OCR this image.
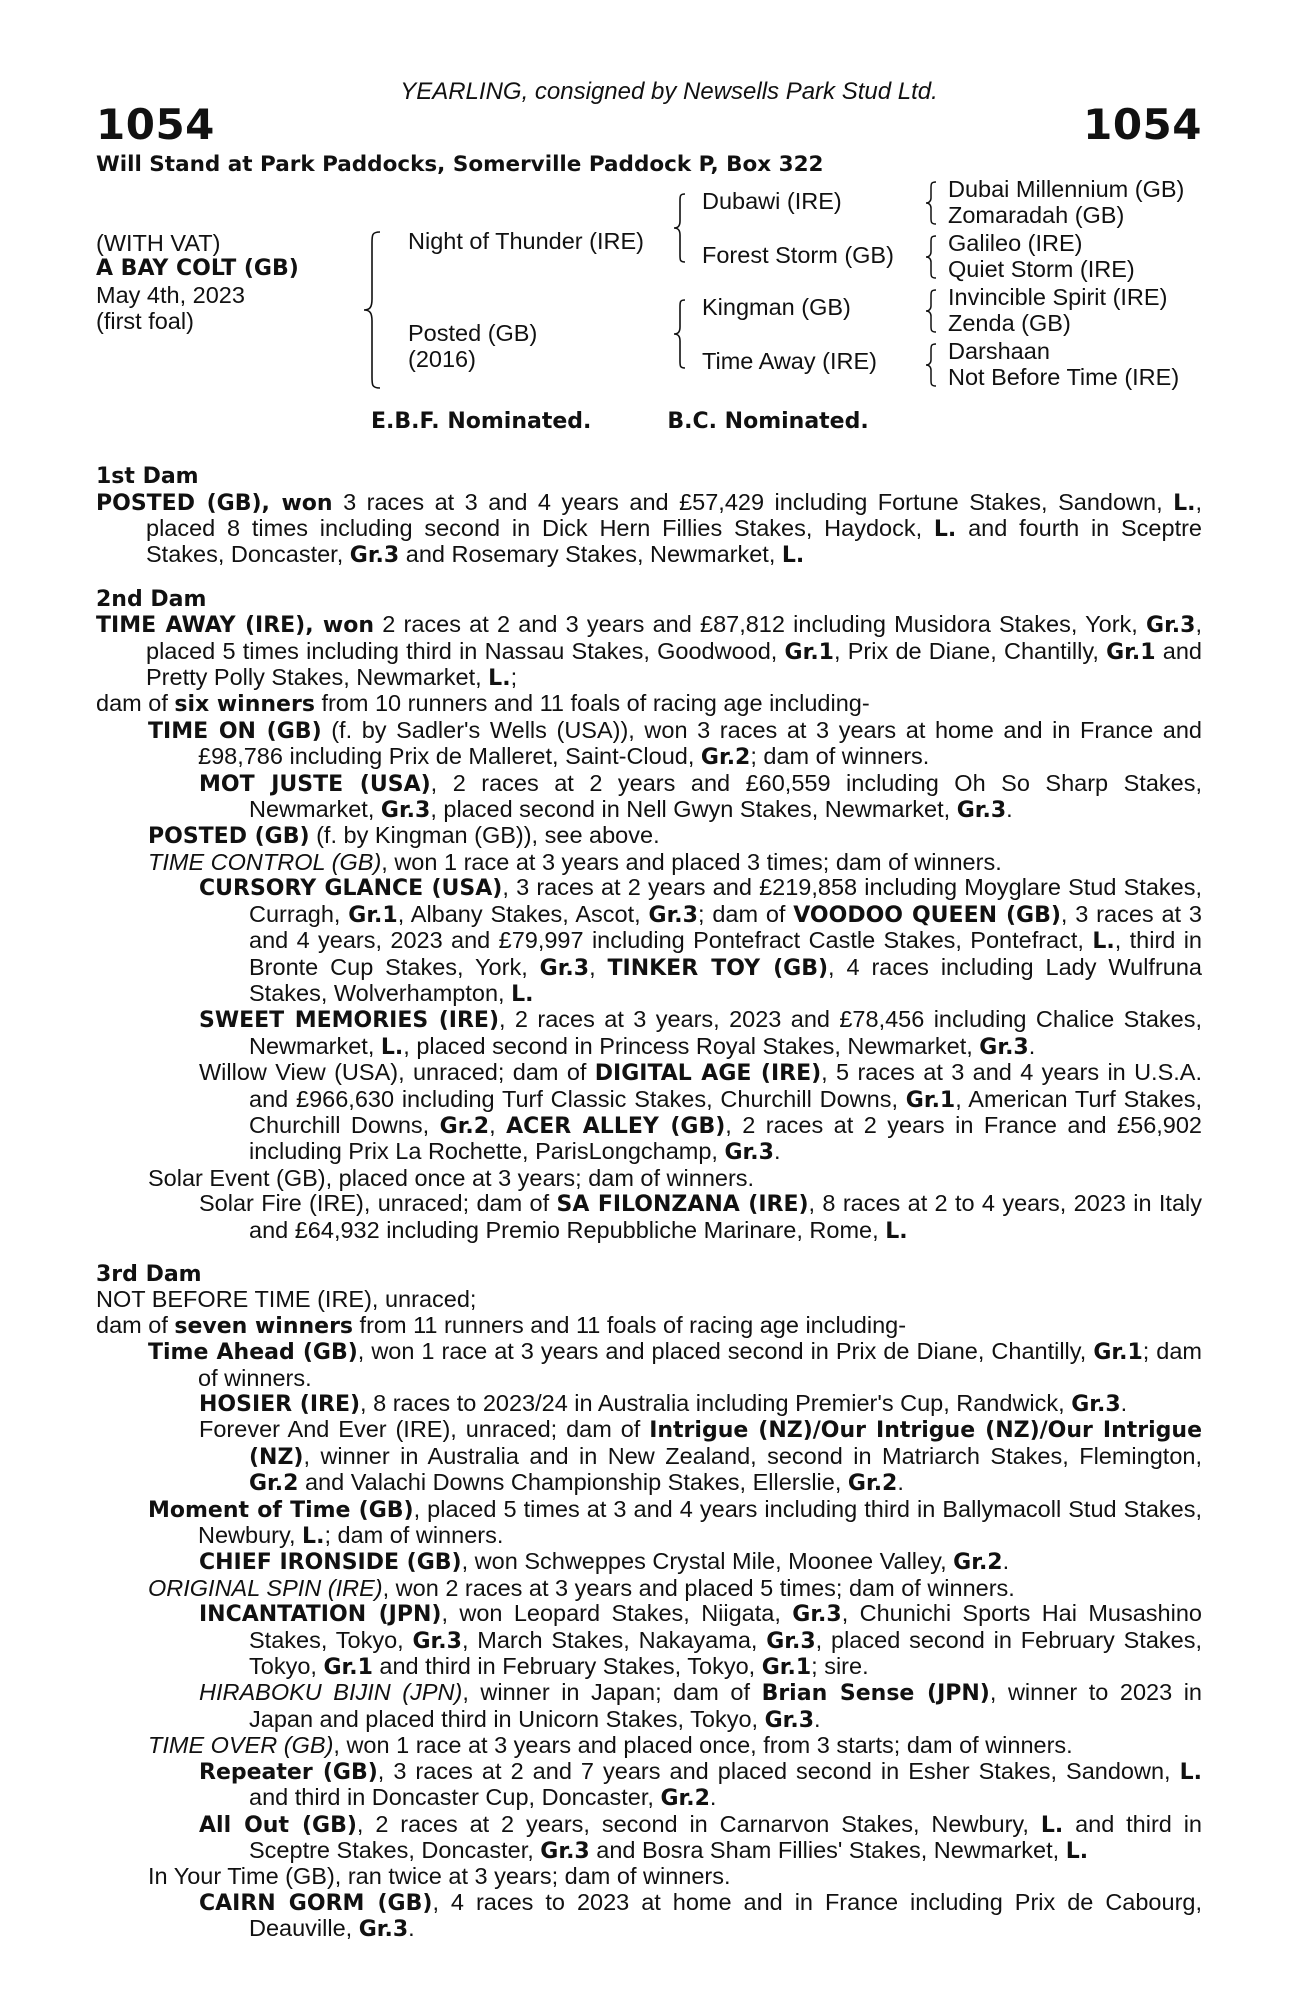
YEARLING, consigned by Newsells Park Stud Ltd.
1054	1054
Will Stand at Park Paddocks, Somerville Paddock P, Box 322
(WITH VAT)
A BAY COLT (GB)
May 4th, 2023
(first foal)
Night of Thunder (IRE)
Posted (GB)
(2016)
Dubawi (IRE)
Forest Storm (GB)
Kingman (GB)
Time Away (IRE)
Dubai Millennium (GB)
Zomaradah (GB)
Galileo (IRE)
Quiet Storm (IRE)
Invincible Spirit (IRE)
Zenda (GB)
Darshaan
Not Before Time (IRE)
E.B.F. Nominated.	B.C. Nominated.
1st Dam
POSTED (GB), won 3 races at 3 and 4 years and £57,429 including Fortune Stakes, Sandown, L., placed 8 times including second in Dick Hern Fillies Stakes, Haydock, L. and fourth in Sceptre Stakes, Doncaster, Gr.3 and Rosemary Stakes, Newmarket, L.
2nd Dam
TIME AWAY (IRE), won 2 races at 2 and 3 years and £87,812 including Musidora Stakes, York, Gr.3, placed 5 times including third in Nassau Stakes, Goodwood, Gr.1, Prix de Diane, Chantilly, Gr.1 and Pretty Polly Stakes, Newmarket, L.;
dam of six winners from 10 runners and 11 foals of racing age including-
TIME ON (GB) (f. by Sadler's Wells (USA)), won 3 races at 3 years at home and in France and £98,786 including Prix de Malleret, Saint-Cloud, Gr.2; dam of winners.
MOT JUSTE (USA), 2 races at 2 years and £60,559 including Oh So Sharp Stakes, Newmarket, Gr.3, placed second in Nell Gwyn Stakes, Newmarket, Gr.3.
POSTED (GB) (f. by Kingman (GB)), see above.
TIME CONTROL (GB), won 1 race at 3 years and placed 3 times; dam of winners.
CURSORY GLANCE (USA), 3 races at 2 years and £219,858 including Moyglare Stud Stakes, Curragh, Gr.1, Albany Stakes, Ascot, Gr.3; dam of VOODOO QUEEN (GB), 3 races at 3 and 4 years, 2023 and £79,997 including Pontefract Castle Stakes, Pontefract, L., third in Bronte Cup Stakes, York, Gr.3, TINKER TOY (GB), 4 races including Lady Wulfruna Stakes, Wolverhampton, L.
SWEET MEMORIES (IRE), 2 races at 3 years, 2023 and £78,456 including Chalice Stakes, Newmarket, L., placed second in Princess Royal Stakes, Newmarket, Gr.3.
Willow View (USA), unraced; dam of DIGITAL AGE (IRE), 5 races at 3 and 4 years in U.S.A. and £966,630 including Turf Classic Stakes, Churchill Downs, Gr.1, American Turf Stakes, Churchill Downs, Gr.2, ACER ALLEY (GB), 2 races at 2 years in France and £56,902 including Prix La Rochette, ParisLongchamp, Gr.3.
Solar Event (GB), placed once at 3 years; dam of winners.
Solar Fire (IRE), unraced; dam of SA FILONZANA (IRE), 8 races at 2 to 4 years, 2023 in Italy and £64,932 including Premio Repubbliche Marinare, Rome, L.
3rd Dam
NOT BEFORE TIME (IRE), unraced;
dam of seven winners from 11 runners and 11 foals of racing age including-
Time Ahead (GB), won 1 race at 3 years and placed second in Prix de Diane, Chantilly, Gr.1; dam of winners.
HOSIER (IRE), 8 races to 2023/24 in Australia including Premier's Cup, Randwick, Gr.3.
Forever And Ever (IRE), unraced; dam of Intrigue (NZ)/Our Intrigue (NZ)/Our Intrigue (NZ), winner in Australia and in New Zealand, second in Matriarch Stakes, Flemington, Gr.2 and Valachi Downs Championship Stakes, Ellerslie, Gr.2.
Moment of Time (GB), placed 5 times at 3 and 4 years including third in Ballymacoll Stud Stakes, Newbury, L.; dam of winners.
CHIEF IRONSIDE (GB), won Schweppes Crystal Mile, Moonee Valley, Gr.2.
ORIGINAL SPIN (IRE), won 2 races at 3 years and placed 5 times; dam of winners.
INCANTATION (JPN), won Leopard Stakes, Niigata, Gr.3, Chunichi Sports Hai Musashino Stakes, Tokyo, Gr.3, March Stakes, Nakayama, Gr.3, placed second in February Stakes, Tokyo, Gr.1 and third in February Stakes, Tokyo, Gr.1; sire.
HIRABOKU BIJIN (JPN), winner in Japan; dam of Brian Sense (JPN), winner to 2023 in Japan and placed third in Unicorn Stakes, Tokyo, Gr.3.
TIME OVER (GB), won 1 race at 3 years and placed once, from 3 starts; dam of winners.
Repeater (GB), 3 races at 2 and 7 years and placed second in Esher Stakes, Sandown, L. and third in Doncaster Cup, Doncaster, Gr.2.
All Out (GB), 2 races at 2 years, second in Carnarvon Stakes, Newbury, L. and third in Sceptre Stakes, Doncaster, Gr.3 and Bosra Sham Fillies' Stakes, Newmarket, L.
In Your Time (GB), ran twice at 3 years; dam of winners.
CAIRN GORM (GB), 4 races to 2023 at home and in France including Prix de Cabourg, Deauville, Gr.3.
